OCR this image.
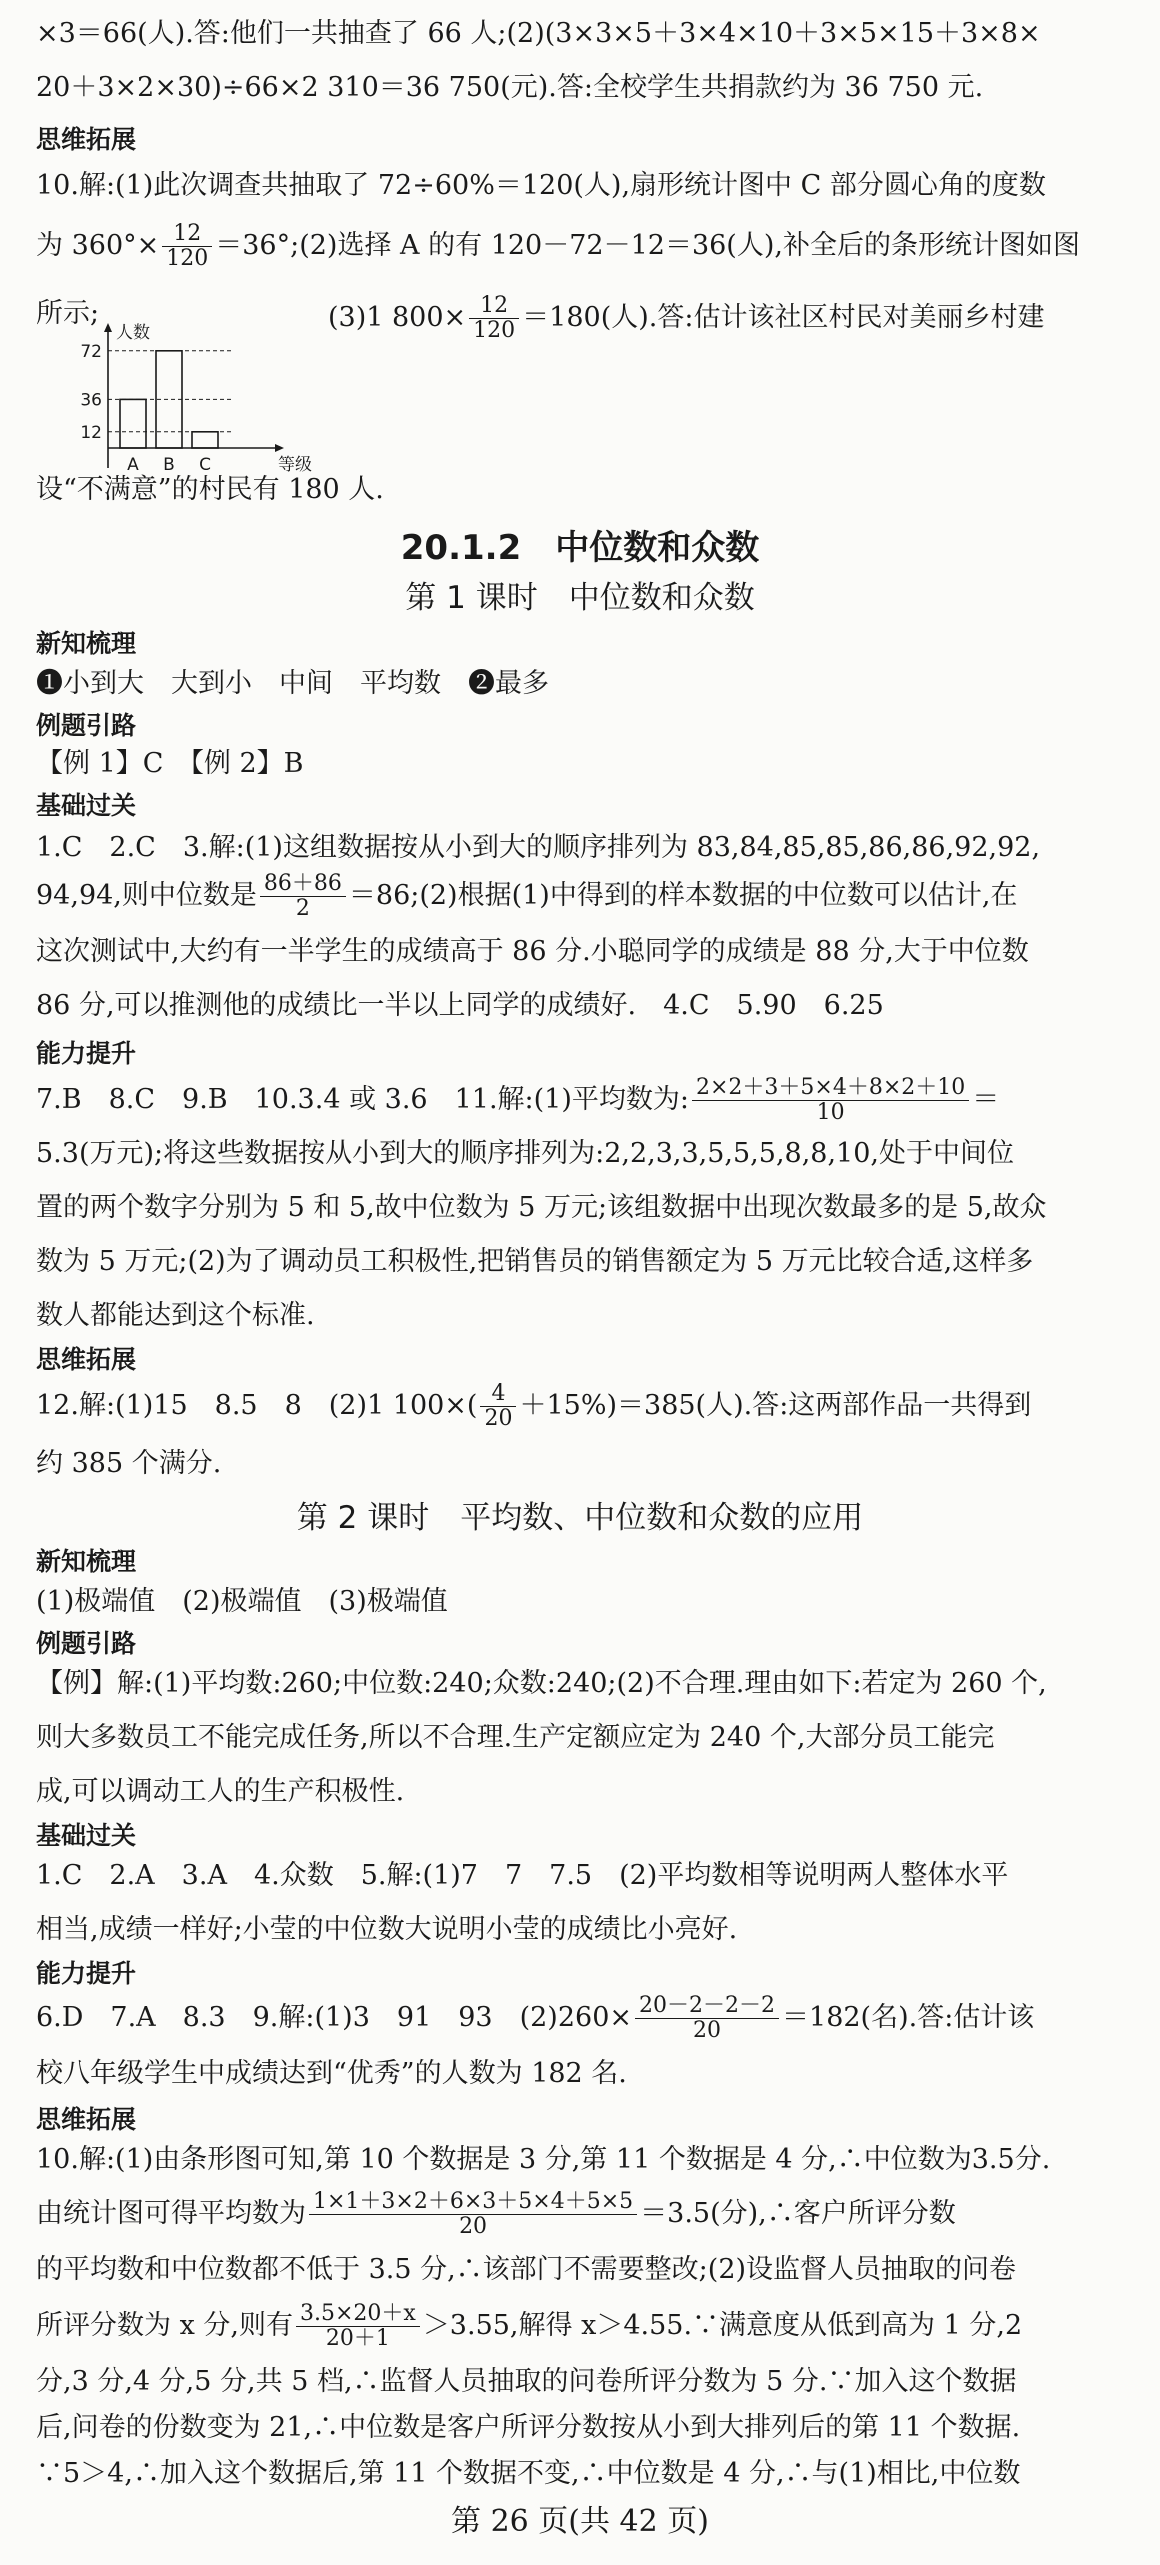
×3＝66(人).答:他们一共抽查了 66 人;(2)(3×3×5＋3×4×10＋3×5×15＋3×8×
20＋3×2×30)÷66×2 310＝36 750(元).答:全校学生共捐款约为 36 750 元.
思维拓展
10.解:(1)此次调查共抽取了 72÷60%＝120(人),扇形统计图中 C 部分圆心角的度数
为 $360^\circ\times \frac{12}{120}$ ＝36°;(2)选择 A 的有 120－72－12＝36(人),补全后的条形统计图如图
所示;	(3)1 $800\times \frac{12}{120} =180$(人).答:估计该社区村民对美丽乡村建
人数
等级
12
36
72
A B C
设“不满意”的村民有 180 人.
20.1.2　中位数和众数
第 1 课时　中位数和众数
新知梳理
❶小到大　大到小　中间　平均数　❷最多
例题引路
【例 1】C　【例 2】B
基础过关
1.C　2.C　3.解:(1)这组数据按从小到大的顺序排列为 83,84,85,85,86,86,92,92,
94,94,则中位数是 $\frac{86+86}{2}$ ＝86;(2)根据(1)中得到的样本数据的中位数可以估计,在
这次测试中,大约有一半学生的成绩高于 86 分.小聪同学的成绩是 88 分,大于中位数
86 分,可以推测他的成绩比一半以上同学的成绩好.　4.C　5.90　6.25
能力提升
7.B　8.C　9.B　10.3.4 或 3.6　11.解:(1)平均数为: $\frac{2\times 2+3+5\times 4+8\times 2+10}{10}$ ＝
5.3(万元);将这些数据按从小到大的顺序排列为:2,2,3,3,5,5,5,8,8,10,处于中间位
置的两个数字分别为 5 和 5,故中位数为 5 万元;该组数据中出现次数最多的是 5,故众
数为 5 万元;(2)为了调动员工积极性,把销售员的销售额定为 5 万元比较合适,这样多
数人都能达到这个标准.
思维拓展
12.解:(1)15　8.5　8　(2)1 $100\times( \frac{4}{20} +15\%)=385$(人).答:这两部作品一共得到
约 385 个满分.
第 2 课时　平均数、中位数和众数的应用
新知梳理
(1)极端值　(2)极端值　(3)极端值
例题引路
【例】解:(1)平均数:260;中位数:240;众数:240;(2)不合理.理由如下:若定为 260 个,
则大多数员工不能完成任务,所以不合理.生产定额应定为 240 个,大部分员工能完
成,可以调动工人的生产积极性.
基础过关
1.C　2.A　3.A　4.众数　5.解:(1)7　7　7.5　(2)平均数相等说明两人整体水平
相当,成绩一样好;小莹的中位数大说明小莹的成绩比小亮好.
能力提升
6.D　7.A　8.3　9.解:(1)3　91　93　$(2)260\times \frac{20-2-2-2}{20} =182$(名).答:估计该
校八年级学生中成绩达到“优秀”的人数为 182 名.
思维拓展
10.解:(1)由条形图可知,第 10 个数据是 3 分,第 11 个数据是 4 分,∴中位数为3.5分.
由统计图可得平均数为 $\frac{1\times 1+3\times 2+6\times 3+5\times 4+5\times 5}{20} =3.5$(分),∴客户所评分数
的平均数和中位数都不低于 3.5 分,∴该部门不需要整改;(2)设监督人员抽取的问卷
所评分数为 x 分,则有 $\frac{3.5\times 20+x}{20+1} >3.55$,解得 x＞4.55.∵满意度从低到高为 1 分,2
分,3 分,4 分,5 分,共 5 档,∴监督人员抽取的问卷所评分数为 5 分.∵加入这个数据
后,问卷的份数变为 21,∴中位数是客户所评分数按从小到大排列后的第 11 个数据.
∵5＞4,∴加入这个数据后,第 11 个数据不变,∴中位数是 4 分,∴与(1)相比,中位数
第 26 页(共 42 页)
